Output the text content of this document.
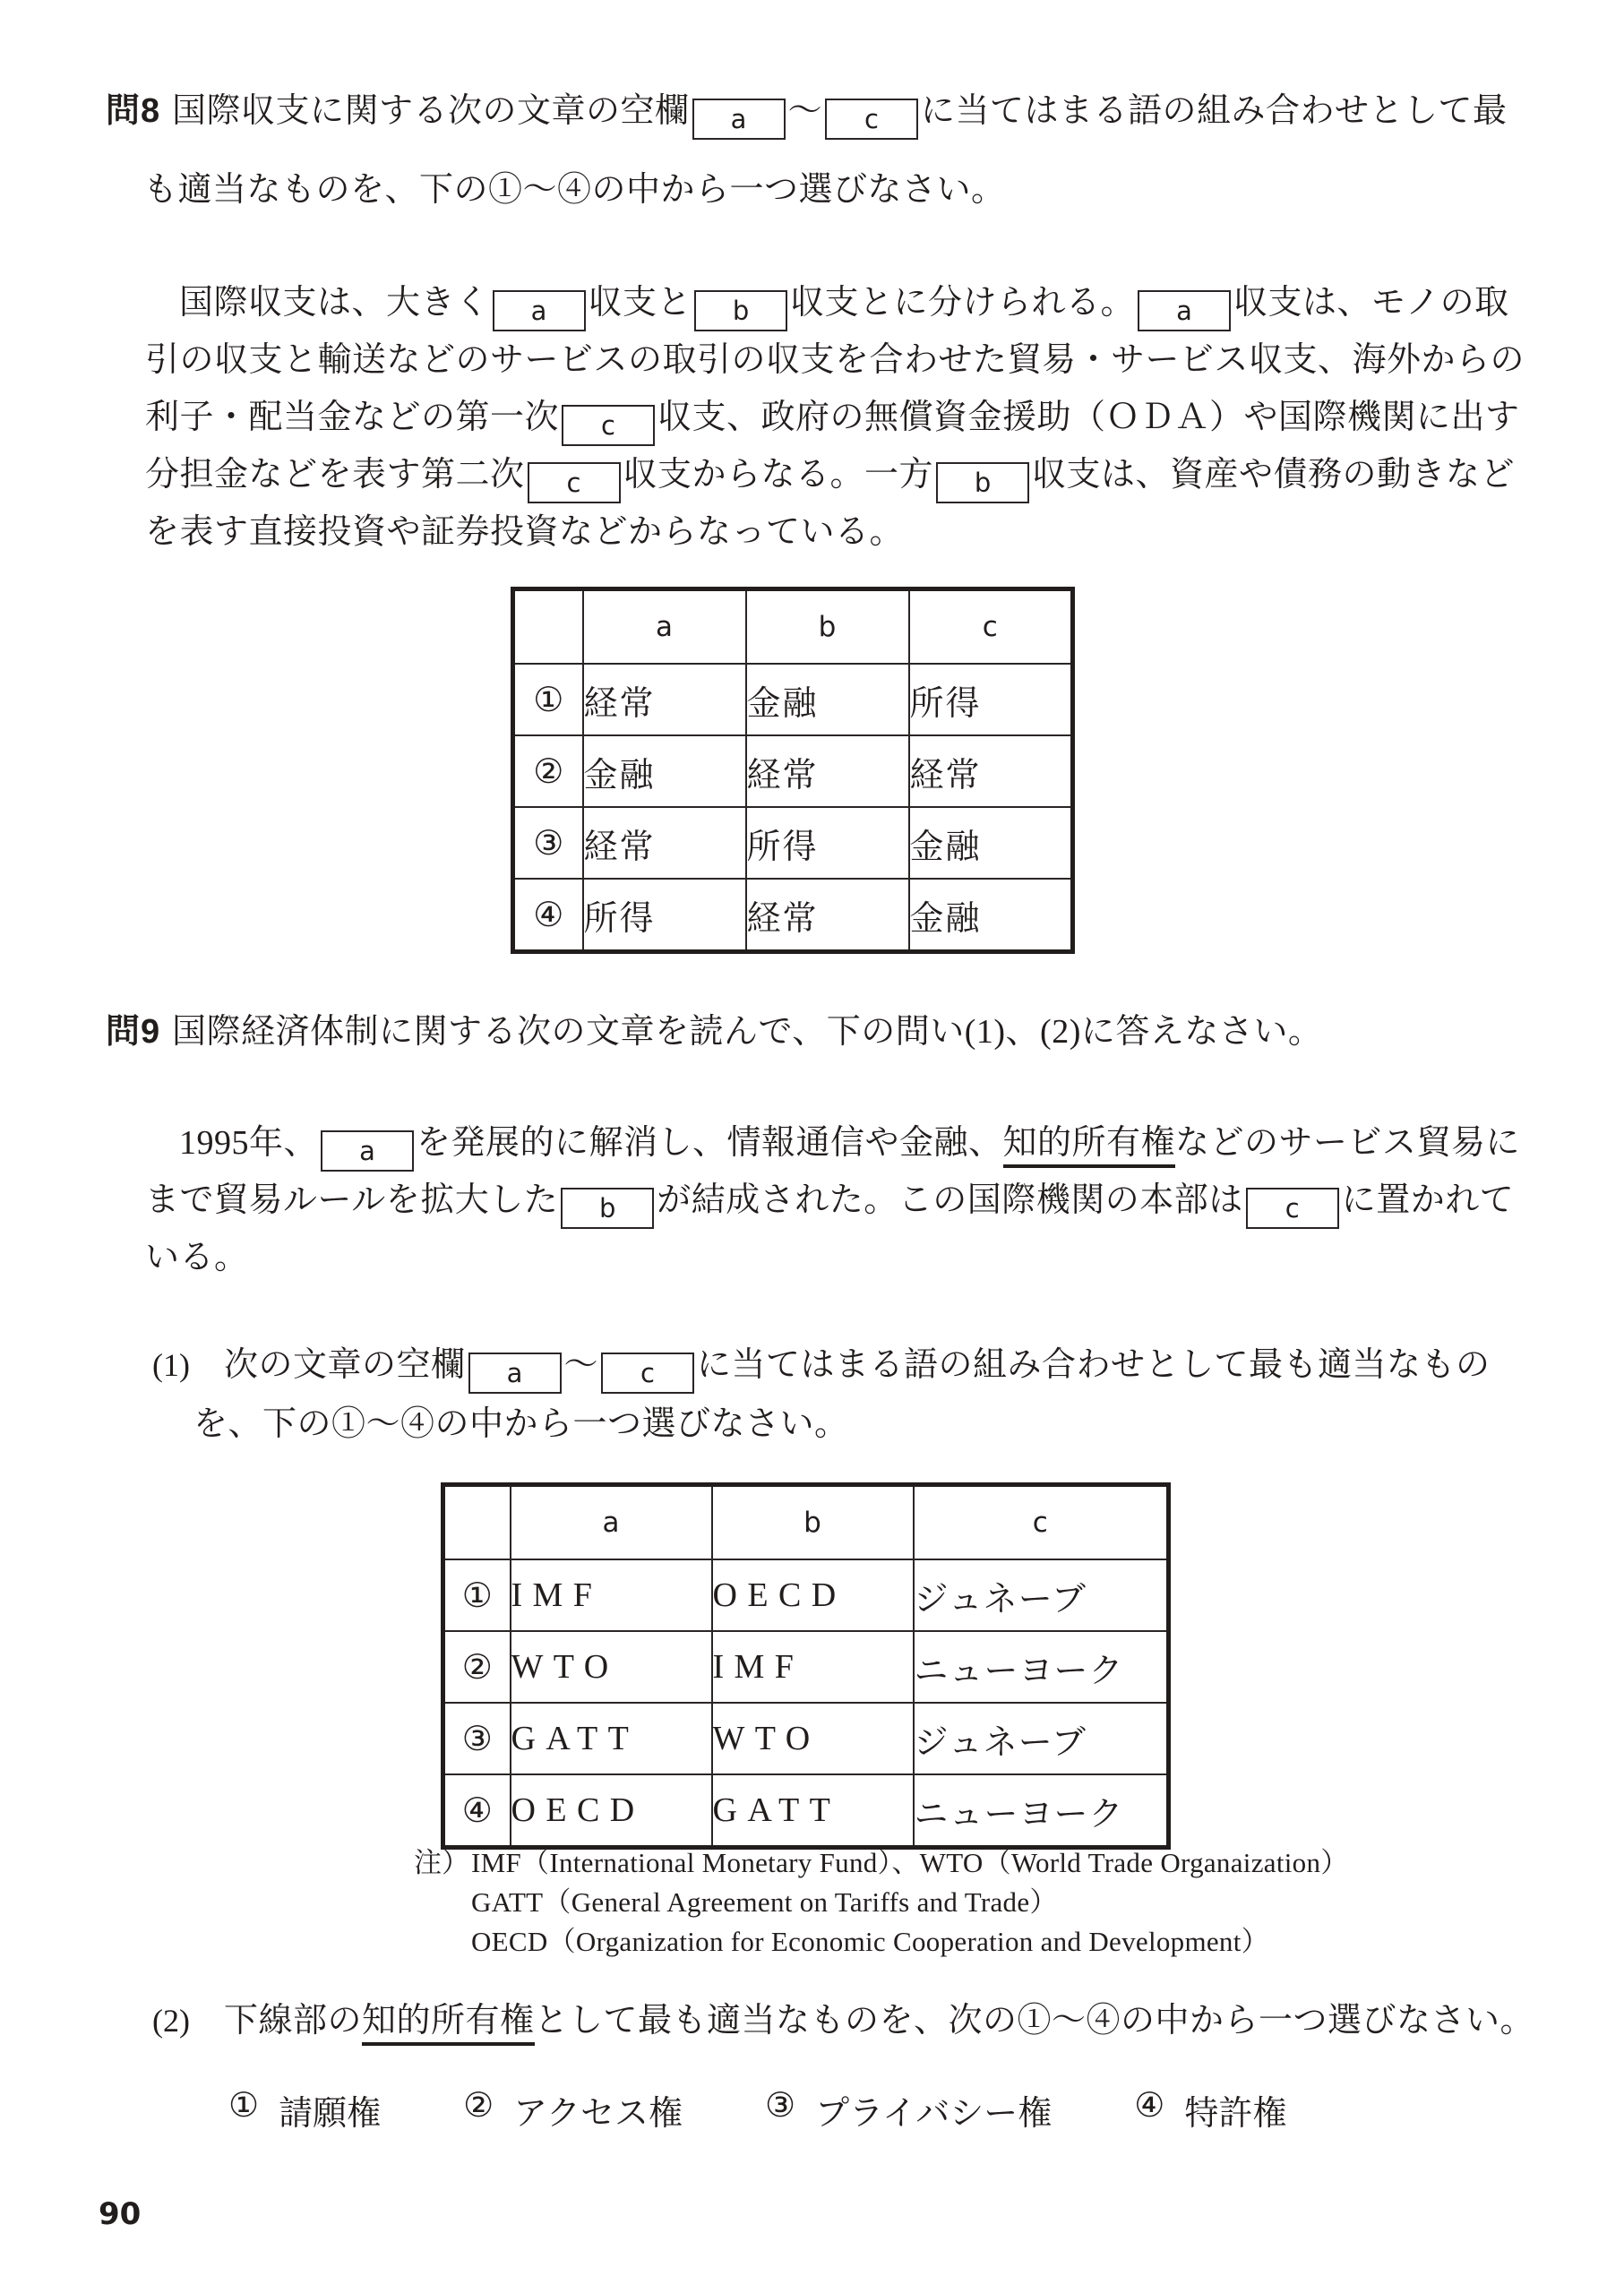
問8 国際収支に関する次の文章の空欄 a ～ c に当てはまる語の組み合わせとして最
も適当なものを、下の①～④の中から一つ選びなさい。
国際収支は、大きく a 収支と b 収支とに分けられる。 a 収支は、モノの取
引の収支と輸送などのサービスの取引の収支を合わせた貿易・サービス収支、海外からの
利子・配当金などの第一次 c 収支、政府の無償資金援助（ＯＤＡ）や国際機関に出す
分担金などを表す第二次 c 収支からなる。一方 b 収支は、資産や債務の動きなど
を表す直接投資や証券投資などからなっている。
	a	b	c
①	経常	金融	所得
②	金融	経常	経常
③	経常	所得	金融
④	所得	経常	金融
問9 国際経済体制に関する次の文章を読んで、下の問い(1)、(2)に答えなさい。
1995年、 a を発展的に解消し、情報通信や金融、知的所有権などのサービス貿易に
まで貿易ルールを拡大した b が結成された。この国際機関の本部は c に置かれて
いる。
(1) 次の文章の空欄 a ～ c に当てはまる語の組み合わせとして最も適当なもの
を、下の①～④の中から一つ選びなさい。
	a	b	c
①	IMF	OECD	ジュネーブ
②	WTO	IMF	ニューヨーク
③	GATT	WTO	ジュネーブ
④	OECD	GATT	ニューヨーク
注） IMF（International Monetary Fund）、WTO（World Trade Organaization）
GATT（General Agreement on Tariffs and Trade）
OECD（Organization for Economic Cooperation and Development）
(2) 下線部の知的所有権として最も適当なものを、次の①～④の中から一つ選びなさい。
① 請願権 ② アクセス権 ③ プライバシー権 ④ 特許権
90
